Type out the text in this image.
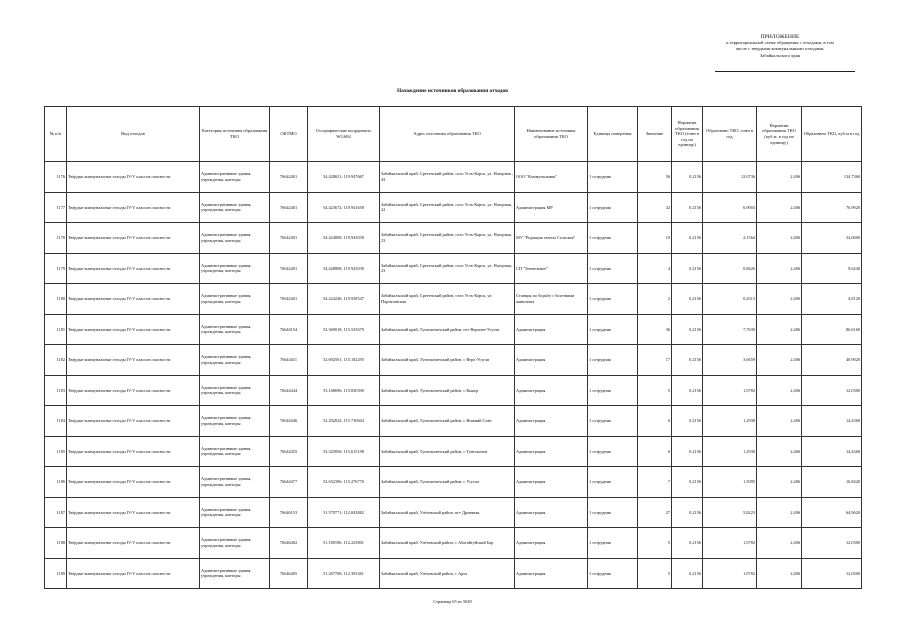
ПРИЛОЖЕНИЕ
к территориальной схеме обращения с отходами, в том
числе с твердыми коммунальными отходами,
Забайкальского края
Нахождение источников образования отходов
№ п/п	Вид отходов	Категория источника образования ТКО	ОКТМО	Географические координаты WGS84	Адрес источника образования ТКО	Наименование источника образования ТКО	Единица измерения	Значение	Норматив образования ТКО (тонн в год на единицу)	Образовано ТКО, тонн в год	Норматив образования ТКО (куб.м. в год на единицу)	Образовано ТКО, куб.м в год
1176	Твёрдые коммунальные отходы IV-V классов опасности	Административные здания, учреждения, конторы	76642401	54.428651; 119.947667	Забайкальский край, Сретенский район, село Усть-Карск, ул. Нагорная , 43	ООО "Коммунальник"	1 сотрудник	56	0,2156	12,0736	2,406	134,7360
1177	Твёрдые коммунальные отходы IV-V классов опасности	Административные здания, учреждения, конторы	76642401	54.423672; 119.941658	Забайкальский край, Сретенский район, село Усть-Карск, ул. Нагорная, 22	Администрация МР	1 сотрудник	32	0,2156	6,9003	2,406	76,9920
1178	Твёрдые коммунальные отходы IV-V классов опасности	Административные здания, учреждения, конторы	76642401	54.424808; 119.943039	Забайкальский край, Сретенский район, село Усть-Карск, ул. Нагорная, 23	МУ "Редакция газеты Сельская"	1 сотрудник	10	0,2156	2,1564	2,406	24,0600
1179	Твёрдые коммунальные отходы IV-V классов опасности	Административные здания, учреждения, конторы	76642401	54.428808; 119.943039	Забайкальский край, Сретенский район, село Усть-Карск, ул. Нагорная, 23	СП "Тоннельное"	1 сотрудник	4	0,2156	0,8626	2,406	9,6240
1180	Твёрдые коммунальные отходы IV-V классов опасности	Административные здания, учреждения, конторы	76642401	54.424246; 119.938547	Забайкальский край, Сретенский район, село Усть-Карск, ул. Партизанская	Станция по борьбе с болезнями животных	1 сотрудник	2	0,2156	0,4313	2,406	4,8120
1181	Твёрдые коммунальные отходы IV-V классов опасности	Административные здания, учреждения, конторы	76644154	52.369018; 115.535679	Забайкальский край, Тунгокоченский район, пгт Верхнее-Усугли	Администрация	1 сотрудник	36	0,2156	7,7639	2,406	86,6160
1182	Твёрдые коммунальные отходы IV-V классов опасности	Административные здания, учреждения, конторы	76644411	52.692501; 115.182295	Забайкальский край, Тунгокоченский район, с Верх-Усугли	Администрация	1 сотрудник	17	0,2156	3,6659	2,406	40,9020
1183	Твёрдые коммунальные отходы IV-V классов опасности	Административные здания, учреждения, конторы	76644444	53.168696; 115.830390	Забайкальский край, Тунгокоченский район, с Кыкер	Администрация	1 сотрудник	5	0,2156	1,0782	2,406	12,0300
1184	Твёрдые коммунальные отходы IV-V классов опасности	Административные здания, учреждения, конторы	76644446	52.292022; 115.710604	Забайкальский край, Тунгокоченский район, с Нижний Стан	Администрация	1 сотрудник	6	0,2156	1,2938	2,406	14,4360
1185	Твёрдые коммунальные отходы IV-V классов опасности	Административные здания, учреждения, конторы	76644455	53.323956; 115.615198	Забайкальский край, Тунгокоченский район, с Тунгокочен	Администрация	1 сотрудник	6	0,2156	1,2938	2,406	14,4360
1186	Твёрдые коммунальные отходы IV-V классов опасности	Административные здания, учреждения, конторы	76644477	52.652396; 115.276770	Забайкальский край, Тунгокоченский район, с Усугли	Администрация	1 сотрудник	7	0,2156	1,5095	2,406	16,8420
1187	Твёрдые коммунальные отходы IV-V классов опасности	Административные здания, учреждения, конторы	76646153	51.579771; 112.843882	Забайкальский край, Улётовский район, пгт Дровяная	Администрация	1 сотрудник	27	0,2156	5,8223	2,406	64,9620
1188	Твёрдые коммунальные отходы IV-V классов опасности	Административные здания, учреждения, конторы	76646402	51.180186; 112.225801	Забайкальский край, Улётовский район, с Абагайтуйский Бар	Администрация	1 сотрудник	5	0,2156	1,0782	2,406	12,0300
1189	Твёрдые коммунальные отходы IV-V классов опасности	Административные здания, учреждения, конторы	76646405	51.267768; 112.393361	Забайкальский край, Улётовский район, с Арта	Администрация	1 сотрудник	5	0,2156	1,0782	2,406	12,0300
Страница 65 из 5049
